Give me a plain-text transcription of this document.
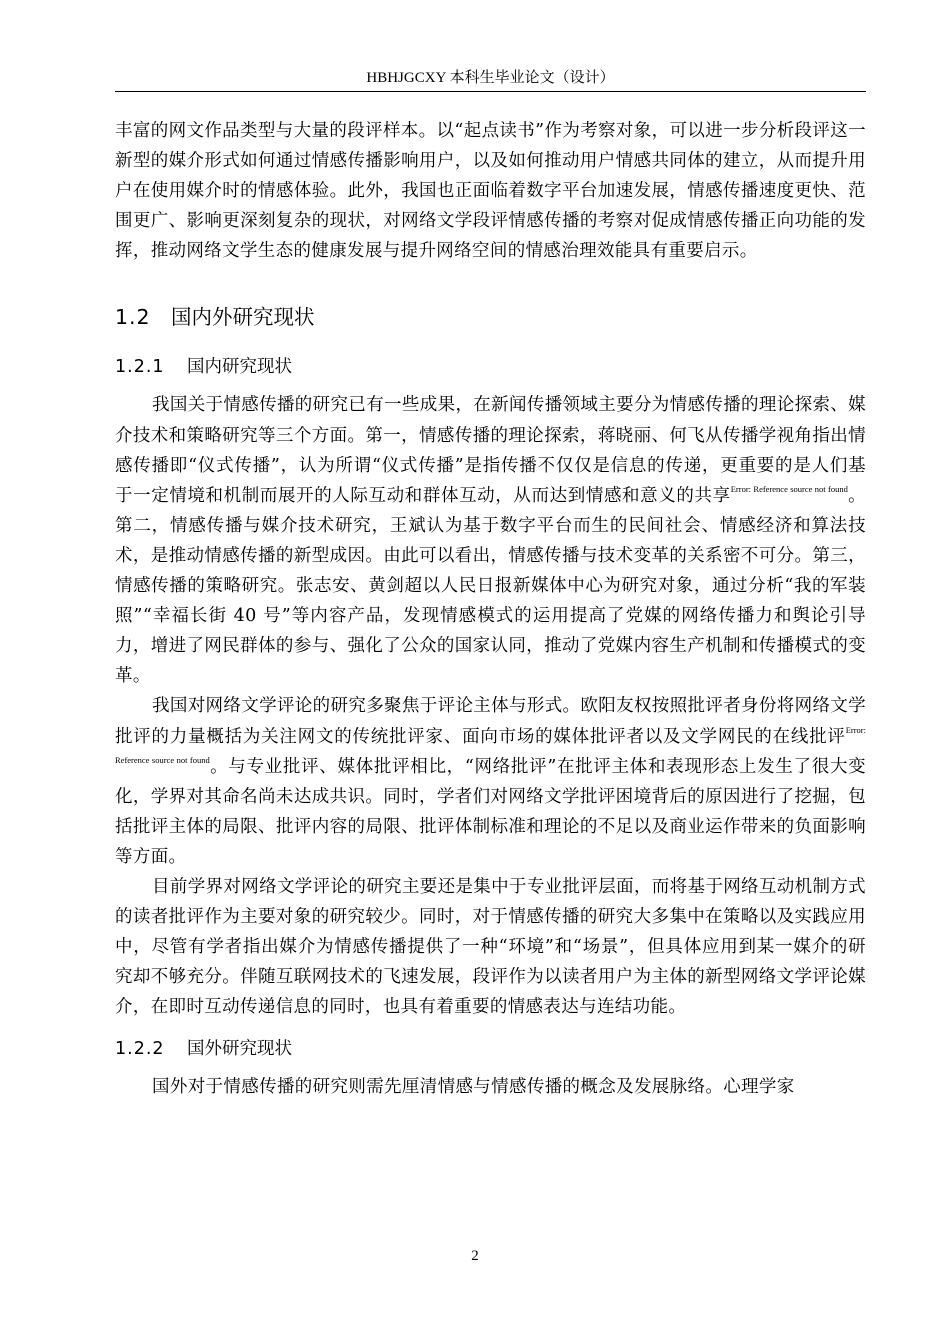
HBHJGCXY 本科生毕业论文（设计）

丰富的网文作品类型与大量的段评样本。以“起点读书”作为考察对象，可以进一步分析段评这一新型的媒介形式如何通过情感传播影响用户，以及如何推动用户情感共同体的建立，从而提升用户在使用媒介时的情感体验。此外，我国也正面临着数字平台加速发展，情感传播速度更快、范围更广、影响更深刻复杂的现状，对网络文学段评情感传播的考察对促成情感传播正向功能的发挥，推动网络文学生态的健康发展与提升网络空间的情感治理效能具有重要启示。

1.2 国内外研究现状
1.2.1 国内研究现状

我国关于情感传播的研究已有一些成果，在新闻传播领域主要分为情感传播的理论探索、媒介技术和策略研究等三个方面。第一，情感传播的理论探索，蒋晓丽、何飞从传播学视角指出情感传播即“仪式传播”，认为所谓“仪式传播”是指传播不仅仅是信息的传递，更重要的是人们基于一定情境和机制而展开的人际互动和群体互动，从而达到情感和意义的共享$^{Error: Reference source not found}$。第二，情感传播与媒介技术研究，王斌认为基于数字平台而生的民间社会、情感经济和算法技术，是推动情感传播的新型成因。由此可以看出，情感传播与技术变革的关系密不可分。第三，情感传播的策略研究。张志安、黄剑超以人民日报新媒体中心为研究对象，通过分析“我的军装照”“幸福长街 40 号”等内容产品，发现情感模式的运用提高了党媒的网络传播力和舆论引导力，增进了网民群体的参与、强化了公众的国家认同，推动了党媒内容生产机制和传播模式的变革。

我国对网络文学评论的研究多聚焦于评论主体与形式。欧阳友权按照批评者身份将网络文学批评的力量概括为关注网文的传统批评家、面向市场的媒体批评者以及文学网民的在线批评$^{Error: Reference source not found}$。与专业批评、媒体批评相比，“网络批评”在批评主体和表现形态上发生了很大变化，学界对其命名尚未达成共识。同时，学者们对网络文学批评困境背后的原因进行了挖掘，包括批评主体的局限、批评内容的局限、批评体制标准和理论的不足以及商业运作带来的负面影响等方面。

目前学界对网络文学评论的研究主要还是集中于专业批评层面，而将基于网络互动机制方式的读者批评作为主要对象的研究较少。同时，对于情感传播的研究大多集中在策略以及实践应用中，尽管有学者指出媒介为情感传播提供了一种“环境”和“场景”，但具体应用到某一媒介的研究却不够充分。伴随互联网技术的飞速发展，段评作为以读者用户为主体的新型网络文学评论媒介，在即时互动传递信息的同时，也具有着重要的情感表达与连结功能。

1.2.2 国外研究现状

国外对于情感传播的研究则需先厘清情感与情感传播的概念及发展脉络。心理学家

2
